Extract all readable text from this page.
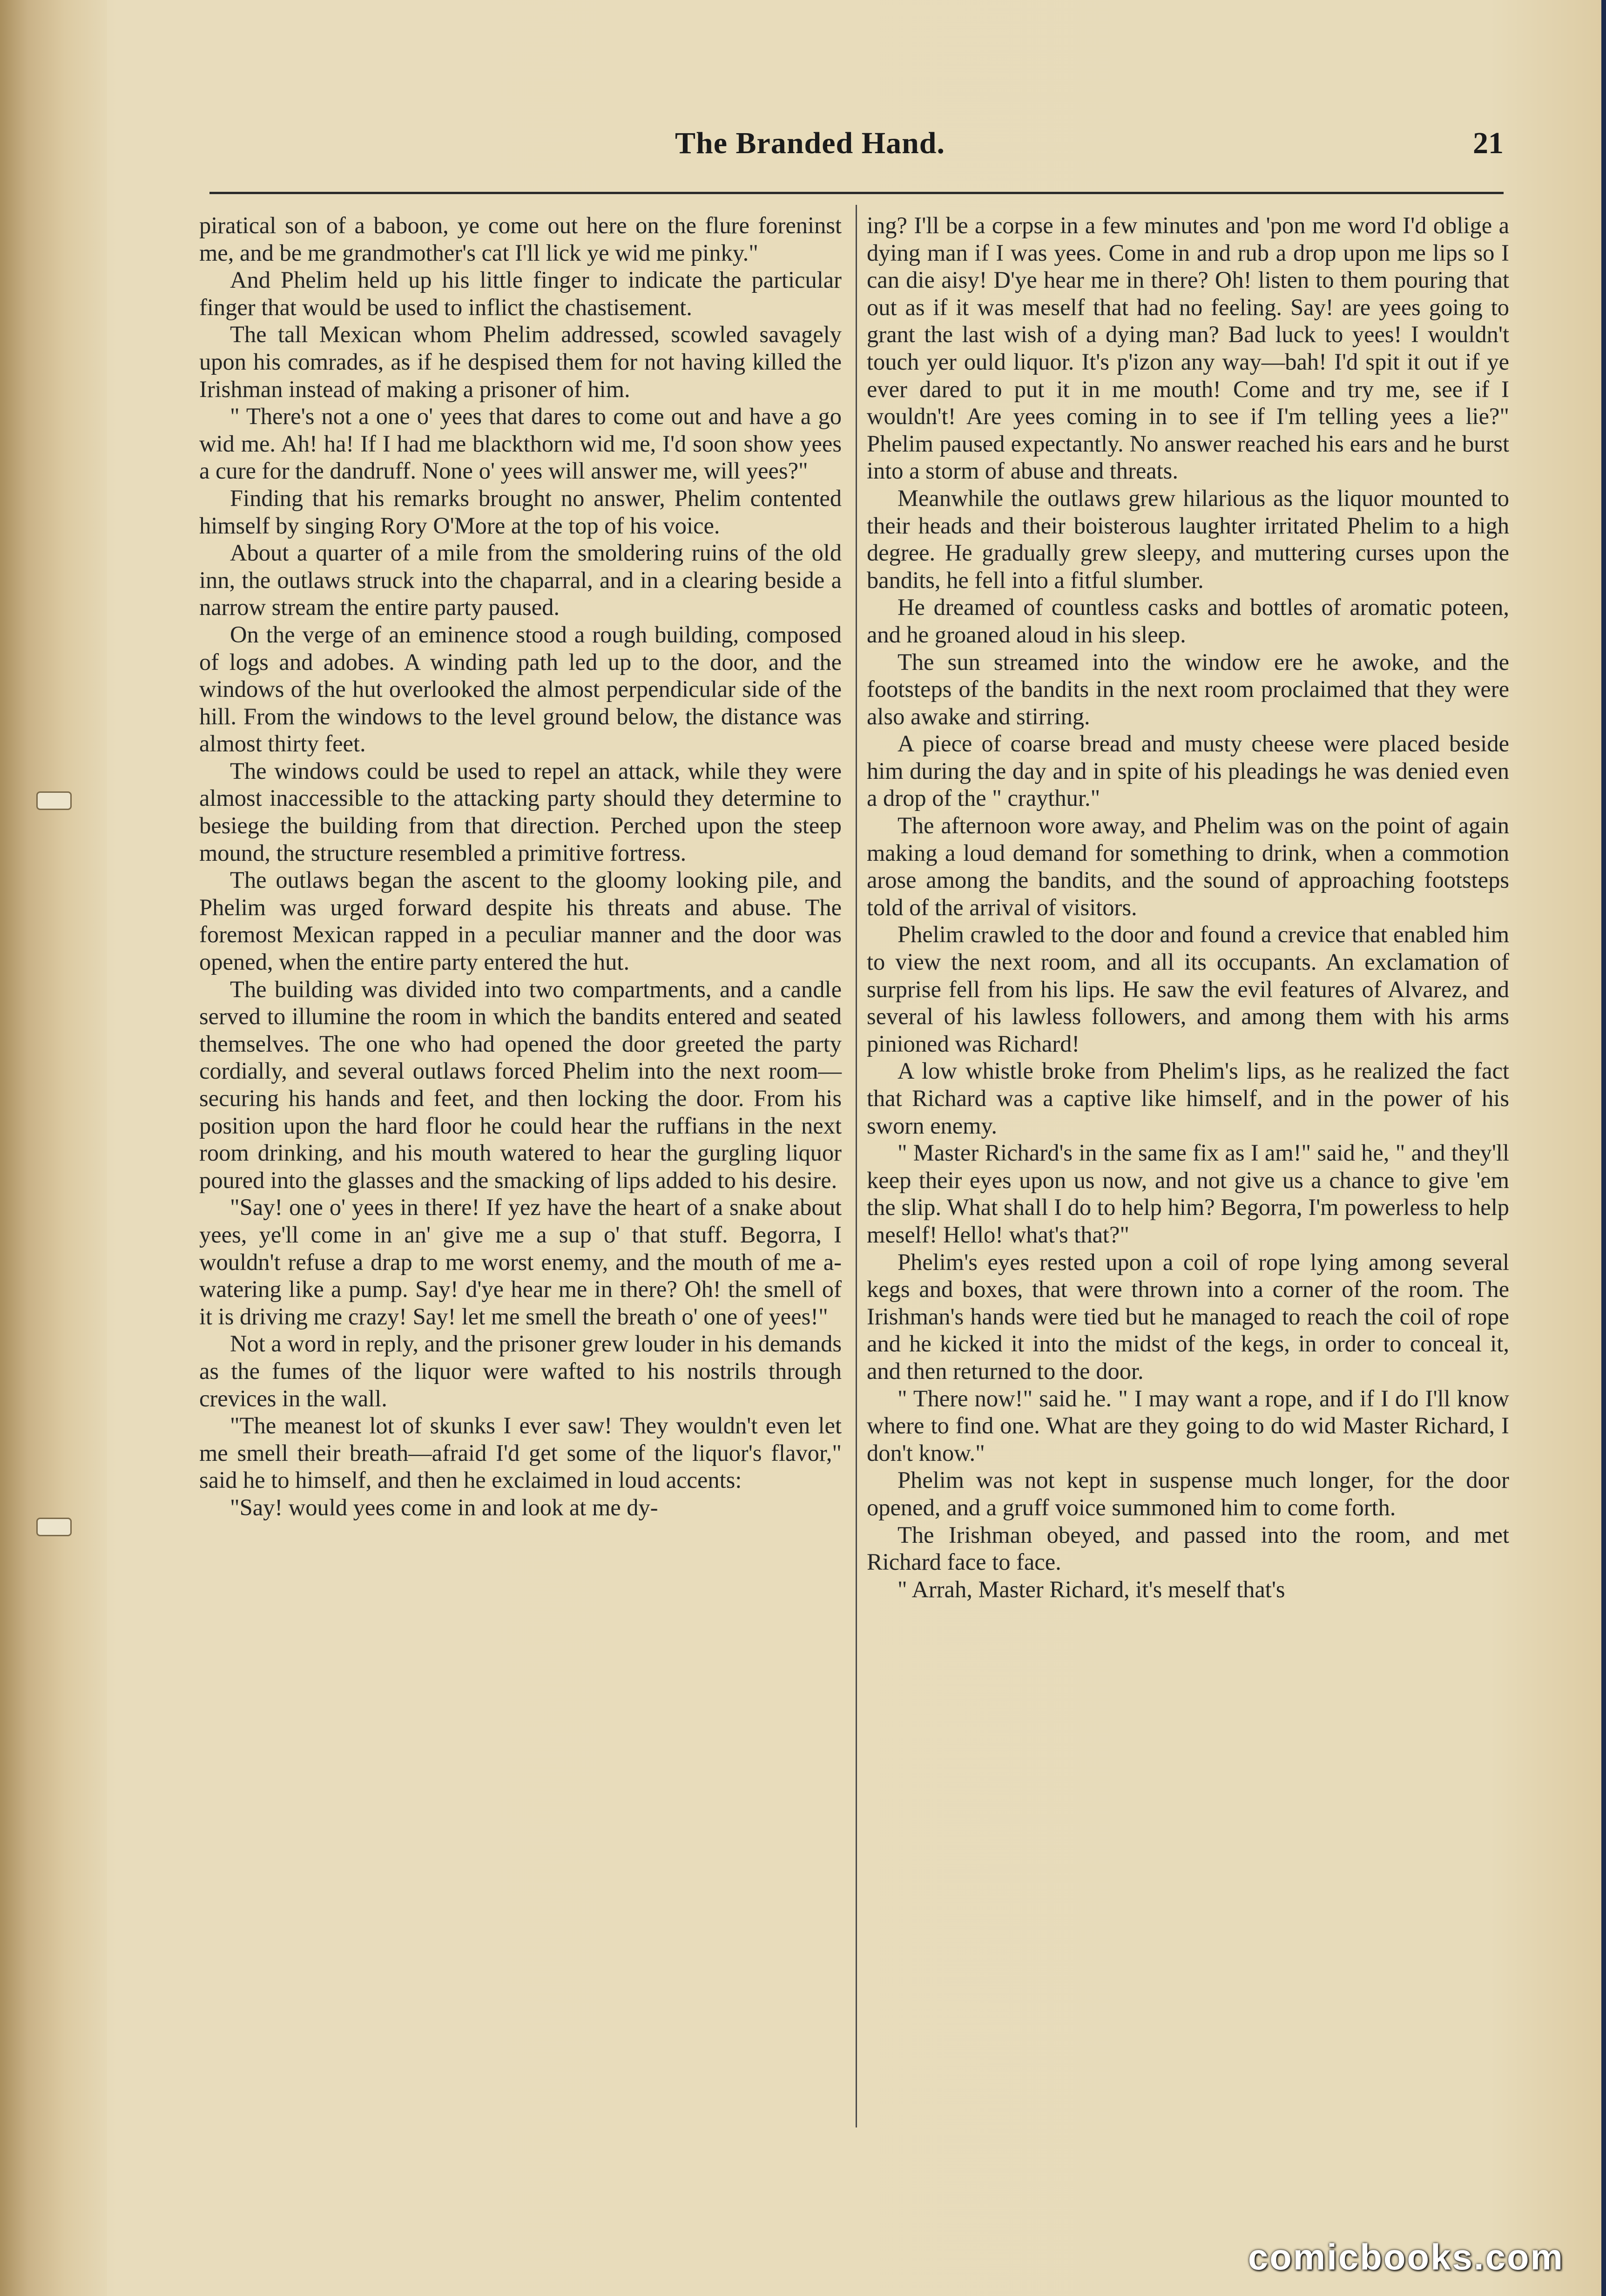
The Branded Hand.	21

piratical son of a baboon, ye come out here on the flure foreninst me, and be me grandmother's cat I'll lick ye wid me pinky."

And Phelim held up his little finger to indicate the particular finger that would be used to inflict the chastisement.

The tall Mexican whom Phelim addressed, scowled savagely upon his comrades, as if he despised them for not having killed the Irishman instead of making a prisoner of him.

" There's not a one o' yees that dares to come out and have a go wid me. Ah! ha! If I had me blackthorn wid me, I'd soon show yees a cure for the dandruff. None o' yees will answer me, will yees?"

Finding that his remarks brought no answer, Phelim contented himself by singing Rory O'More at the top of his voice.

About a quarter of a mile from the smoldering ruins of the old inn, the outlaws struck into the chaparral, and in a clearing beside a narrow stream the entire party paused.

On the verge of an eminence stood a rough building, composed of logs and adobes. A winding path led up to the door, and the windows of the hut overlooked the almost perpendicular side of the hill. From the windows to the level ground below, the distance was almost thirty feet.

The windows could be used to repel an attack, while they were almost inaccessible to the attacking party should they determine to besiege the building from that direction. Perched upon the steep mound, the structure resembled a primitive fortress.

The outlaws began the ascent to the gloomy looking pile, and Phelim was urged forward despite his threats and abuse. The foremost Mexican rapped in a peculiar manner and the door was opened, when the entire party entered the hut.

The building was divided into two compartments, and a candle served to illumine the room in which the bandits entered and seated themselves. The one who had opened the door greeted the party cordially, and several outlaws forced Phelim into the next room—securing his hands and feet, and then locking the door. From his position upon the hard floor he could hear the ruffians in the next room drinking, and his mouth watered to hear the gurgling liquor poured into the glasses and the smacking of lips added to his desire.

"Say! one o' yees in there! If yez have the heart of a snake about yees, ye'll come in an' give me a sup o' that stuff. Begorra, I wouldn't refuse a drap to me worst enemy, and the mouth of me a-watering like a pump. Say! d'ye hear me in there? Oh! the smell of it is driving me crazy! Say! let me smell the breath o' one of yees!"

Not a word in reply, and the prisoner grew louder in his demands as the fumes of the liquor were wafted to his nostrils through crevices in the wall.

"The meanest lot of skunks I ever saw! They wouldn't even let me smell their breath—afraid I'd get some of the liquor's flavor," said he to himself, and then he exclaimed in loud accents:

"Say! would yees come in and look at me dy-

ing? I'll be a corpse in a few minutes and 'pon me word I'd oblige a dying man if I was yees. Come in and rub a drop upon me lips so I can die aisy! D'ye hear me in there? Oh! listen to them pouring that out as if it was meself that had no feeling. Say! are yees going to grant the last wish of a dying man? Bad luck to yees! I wouldn't touch yer ould liquor. It's p'izon any way—bah! I'd spit it out if ye ever dared to put it in me mouth! Come and try me, see if I wouldn't! Are yees coming in to see if I'm telling yees a lie?" Phelim paused expectantly. No answer reached his ears and he burst into a storm of abuse and threats.

Meanwhile the outlaws grew hilarious as the liquor mounted to their heads and their boisterous laughter irritated Phelim to a high degree. He gradually grew sleepy, and muttering curses upon the bandits, he fell into a fitful slumber.

He dreamed of countless casks and bottles of aromatic poteen, and he groaned aloud in his sleep.

The sun streamed into the window ere he awoke, and the footsteps of the bandits in the next room proclaimed that they were also awake and stirring.

A piece of coarse bread and musty cheese were placed beside him during the day and in spite of his pleadings he was denied even a drop of the " craythur."

The afternoon wore away, and Phelim was on the point of again making a loud demand for something to drink, when a commotion arose among the bandits, and the sound of approaching footsteps told of the arrival of visitors.

Phelim crawled to the door and found a crevice that enabled him to view the next room, and all its occupants. An exclamation of surprise fell from his lips. He saw the evil features of Alvarez, and several of his lawless followers, and among them with his arms pinioned was Richard!

A low whistle broke from Phelim's lips, as he realized the fact that Richard was a captive like himself, and in the power of his sworn enemy.

" Master Richard's in the same fix as I am!" said he, " and they'll keep their eyes upon us now, and not give us a chance to give 'em the slip. What shall I do to help him? Begorra, I'm powerless to help meself! Hello! what's that?"

Phelim's eyes rested upon a coil of rope lying among several kegs and boxes, that were thrown into a corner of the room. The Irishman's hands were tied but he managed to reach the coil of rope and he kicked it into the midst of the kegs, in order to conceal it, and then returned to the door.

" There now!" said he. " I may want a rope, and if I do I'll know where to find one. What are they going to do wid Master Richard, I don't know."

Phelim was not kept in suspense much longer, for the door opened, and a gruff voice summoned him to come forth.

The Irishman obeyed, and passed into the room, and met Richard face to face.

" Arrah, Master Richard, it's meself that's

comicbooks.com
